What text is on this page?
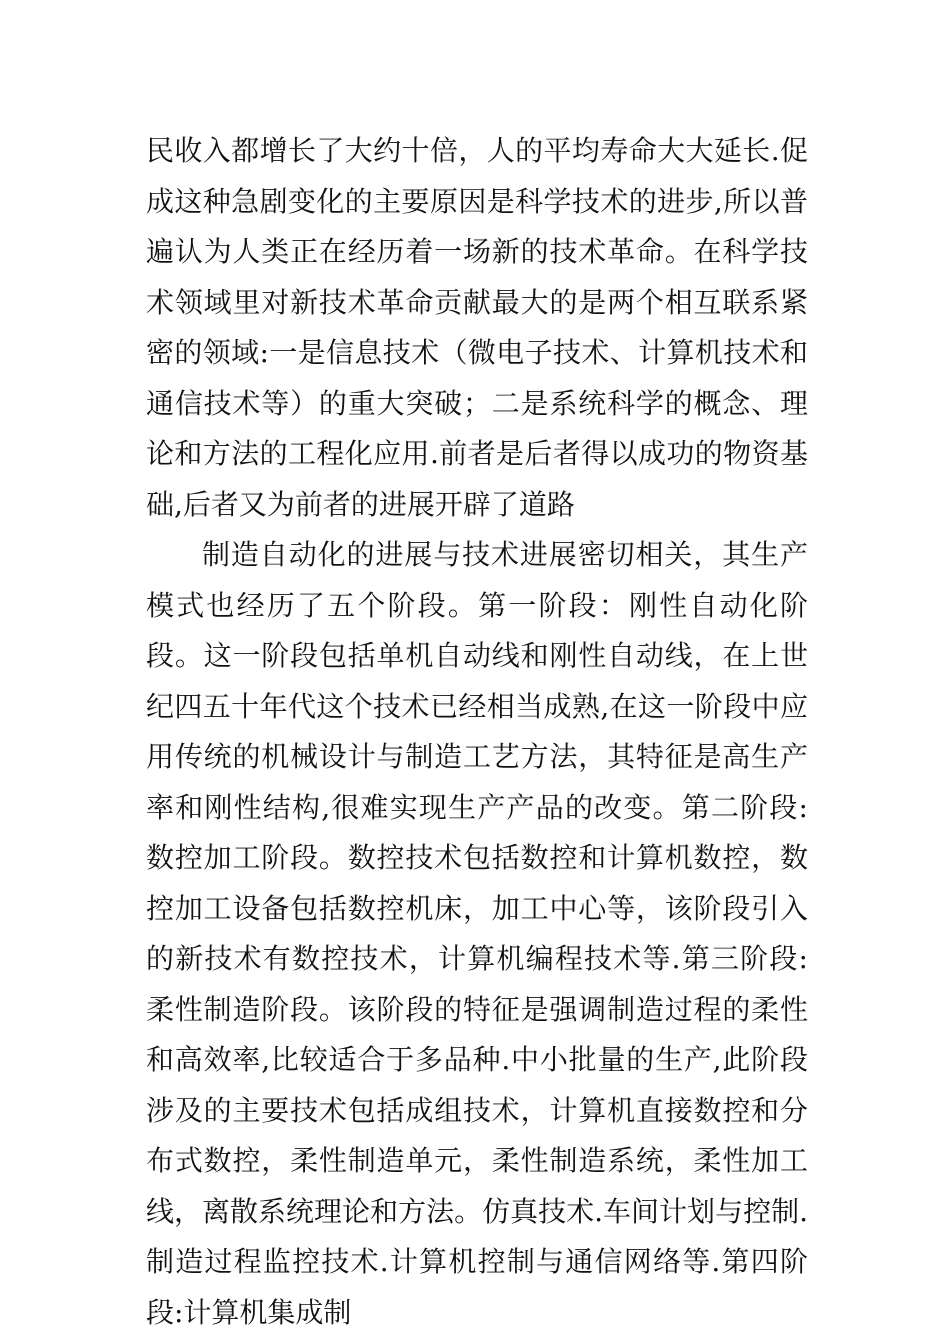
民收入都增长了大约十倍，人的平均寿命大大延长.促成这种急剧变化的主要原因是科学技术的进步,所以普遍认为人类正在经历着一场新的技术革命。在科学技术领域里对新技术革命贡献最大的是两个相互联系紧密的领域:一是信息技术（微电子技术、计算机技术和通信技术等）的重大突破；二是系统科学的概念、理论和方法的工程化应用.前者是后者得以成功的物资基础,后者又为前者的进展开辟了道路

制造自动化的进展与技术进展密切相关，其生产模式也经历了五个阶段。第一阶段：刚性自动化阶段。这一阶段包括单机自动线和刚性自动线，在上世纪四五十年代这个技术已经相当成熟,在这一阶段中应用传统的机械设计与制造工艺方法，其特征是高生产率和刚性结构,很难实现生产产品的改变。第二阶段:数控加工阶段。数控技术包括数控和计算机数控，数控加工设备包括数控机床，加工中心等，该阶段引入的新技术有数控技术，计算机编程技术等.第三阶段:柔性制造阶段。该阶段的特征是强调制造过程的柔性和高效率,比较适合于多品种.中小批量的生产,此阶段涉及的主要技术包括成组技术，计算机直接数控和分布式数控，柔性制造单元，柔性制造系统，柔性加工线，离散系统理论和方法。仿真技术.车间计划与控制.制造过程监控技术.计算机控制与通信网络等.第四阶段:计算机集成制
